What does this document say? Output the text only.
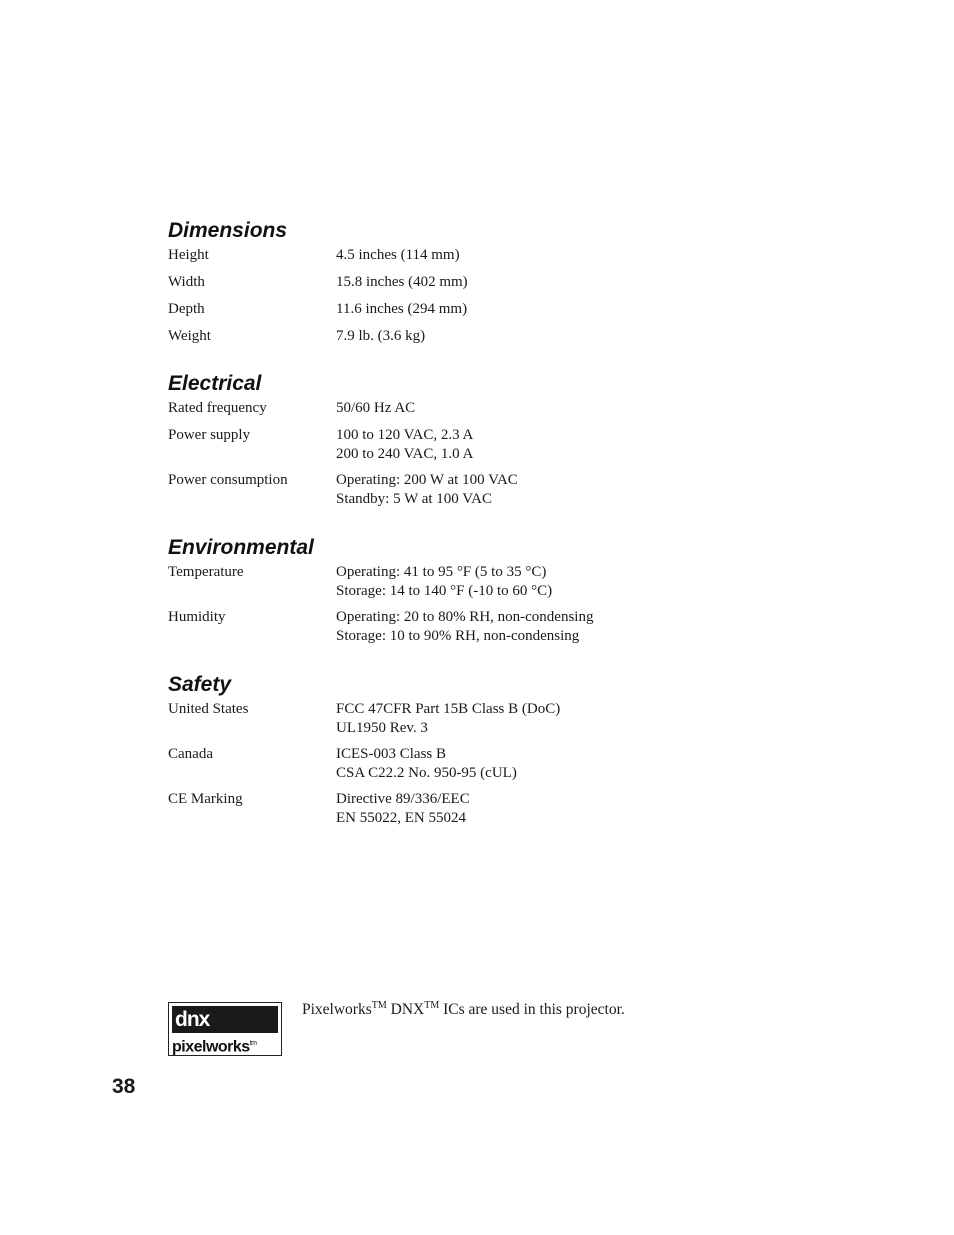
Dimensions
Height	4.5 inches (114 mm)
Width	15.8 inches (402 mm)
Depth	11.6 inches (294 mm)
Weight	7.9 lb. (3.6 kg)
Electrical
Rated frequency	50/60 Hz AC
Power supply	100 to 120 VAC, 2.3 A
200 to 240 VAC, 1.0 A
Power consumption	Operating: 200 W at 100 VAC
Standby: 5 W at 100 VAC
Environmental
Temperature	Operating: 41 to 95 °F (5 to 35 °C)
Storage: 14 to 140 °F (-10 to 60 °C)
Humidity	Operating: 20 to 80% RH, non-condensing
Storage: 10 to 90% RH, non-condensing
Safety
United States	FCC 47CFR Part 15B Class B (DoC)
UL1950 Rev. 3
Canada	ICES-003 Class B
CSA C22.2 No. 950-95 (cUL)
CE Marking	Directive 89/336/EEC
EN 55022, EN 55024
dnx
pixelworks$^{tm}$
Pixelworks™ DNX™ ICs are used in this projector.
38
